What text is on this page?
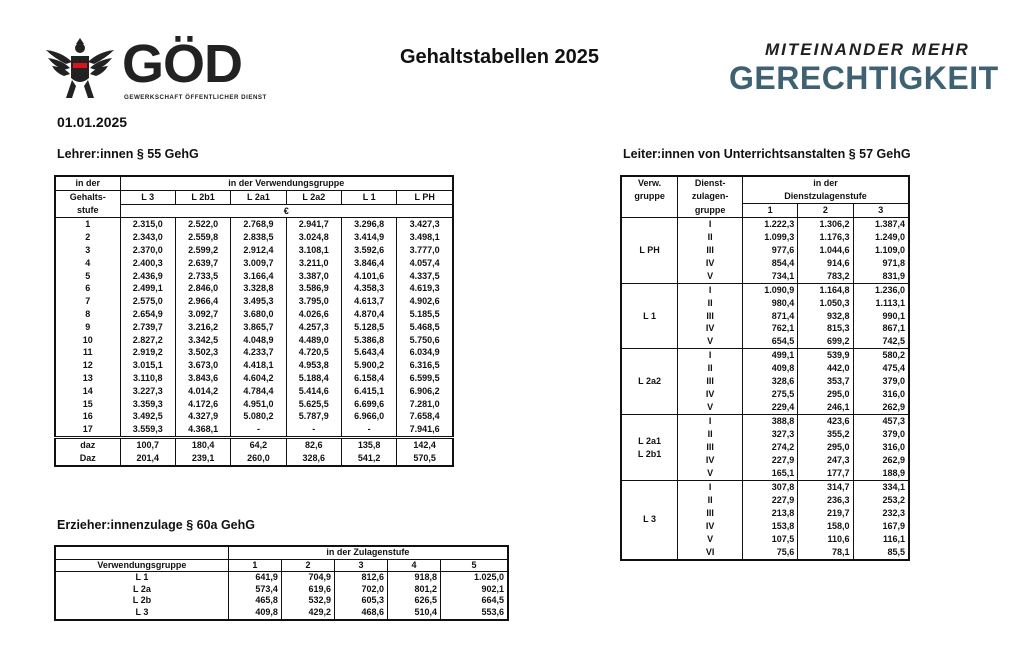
GÖD
GEWERKSCHAFT ÖFFENTLICHER DIENST
Gehaltstabellen 2025	MITEINANDER MEHR
GERECHTIGKEIT
01.01.2025
Lehrer:innen § 55 GehG	Leiter:innen von Unterrichtsanstalten § 57 GehG
Erzieher:innenzulage § 60a GehG
in der	in der Verwendungsgruppe					
Gehalts-	L 3	L 2b1	L 2a1	L 2a2	L 1	L PH
stufe	€					
1	2.315,0	2.522,0	2.768,9	2.941,7	3.296,8	3.427,3
2	2.343,0	2.559,8	2.838,5	3.024,8	3.414,9	3.498,1
3	2.370,0	2.599,2	2.912,4	3.108,1	3.592,6	3.777,0
4	2.400,3	2.639,7	3.009,7	3.211,0	3.846,4	4.057,4
5	2.436,9	2.733,5	3.166,4	3.387,0	4.101,6	4.337,5
6	2.499,1	2.846,0	3.328,8	3.586,9	4.358,3	4.619,3
7	2.575,0	2.966,4	3.495,3	3.795,0	4.613,7	4.902,6
8	2.654,9	3.092,7	3.680,0	4.026,6	4.870,4	5.185,5
9	2.739,7	3.216,2	3.865,7	4.257,3	5.128,5	5.468,5
10	2.827,2	3.342,5	4.048,9	4.489,0	5.386,8	5.750,6
11	2.919,2	3.502,3	4.233,7	4.720,5	5.643,4	6.034,9
12	3.015,1	3.673,0	4.418,1	4.953,8	5.900,2	6.316,5
13	3.110,8	3.843,6	4.604,2	5.188,4	6.158,4	6.599,5
14	3.227,3	4.014,2	4.784,4	5.414,6	6.415,1	6.906,2
15	3.359,3	4.172,6	4.951,0	5.625,5	6.699,6	7.281,0
16	3.492,5	4.327,9	5.080,2	5.787,9	6.966,0	7.658,4
17	3.559,3	4.368,1	-	-	-	7.941,6
daz	100,7	180,4	64,2	82,6	135,8	142,4
Daz	201,4	239,1	260,0	328,6	541,2	570,5
Verw.	Dienst-	in der		
gruppe	zulagen-	Dienstzulagenstufe		
	gruppe	1	2	3

L PH	I	1.222,3	1.306,2	1.387,4
	II	1.099,3	1.176,3	1.249,0
	III	977,6	1.044,6	1.109,0
	IV	854,4	914,6	971,8
	V	734,1	783,2	831,9

L 1	I	1.090,9	1.164,8	1.236,0
	II	980,4	1.050,3	1.113,1
	III	871,4	932,8	990,1
	IV	762,1	815,3	867,1
	V	654,5	699,2	742,5

L 2a2	I	499,1	539,9	580,2
	II	409,8	442,0	475,4
	III	328,6	353,7	379,0
	IV	275,5	295,0	316,0
	V	229,4	246,1	262,9

L 2a1
L 2b1	I	388,8	423,6	457,3
	II	327,3	355,2	379,0
	III	274,2	295,0	316,0
	IV	227,9	247,3	262,9
	V	165,1	177,7	188,9

L 3	I	307,8	314,7	334,1
	II	227,9	236,3	253,2
	III	213,8	219,7	232,3
	IV	153,8	158,0	167,9
	V	107,5	110,6	116,1
	VI	75,6	78,1	85,5
	in der Zulagenstufe				
Verwendungsgruppe	1	2	3	4	5
L 1	641,9	704,9	812,6	918,8	1.025,0
L 2a	573,4	619,6	702,0	801,2	902,1
L 2b	465,8	532,9	605,3	626,5	664,5
L 3	409,8	429,2	468,6	510,4	553,6
